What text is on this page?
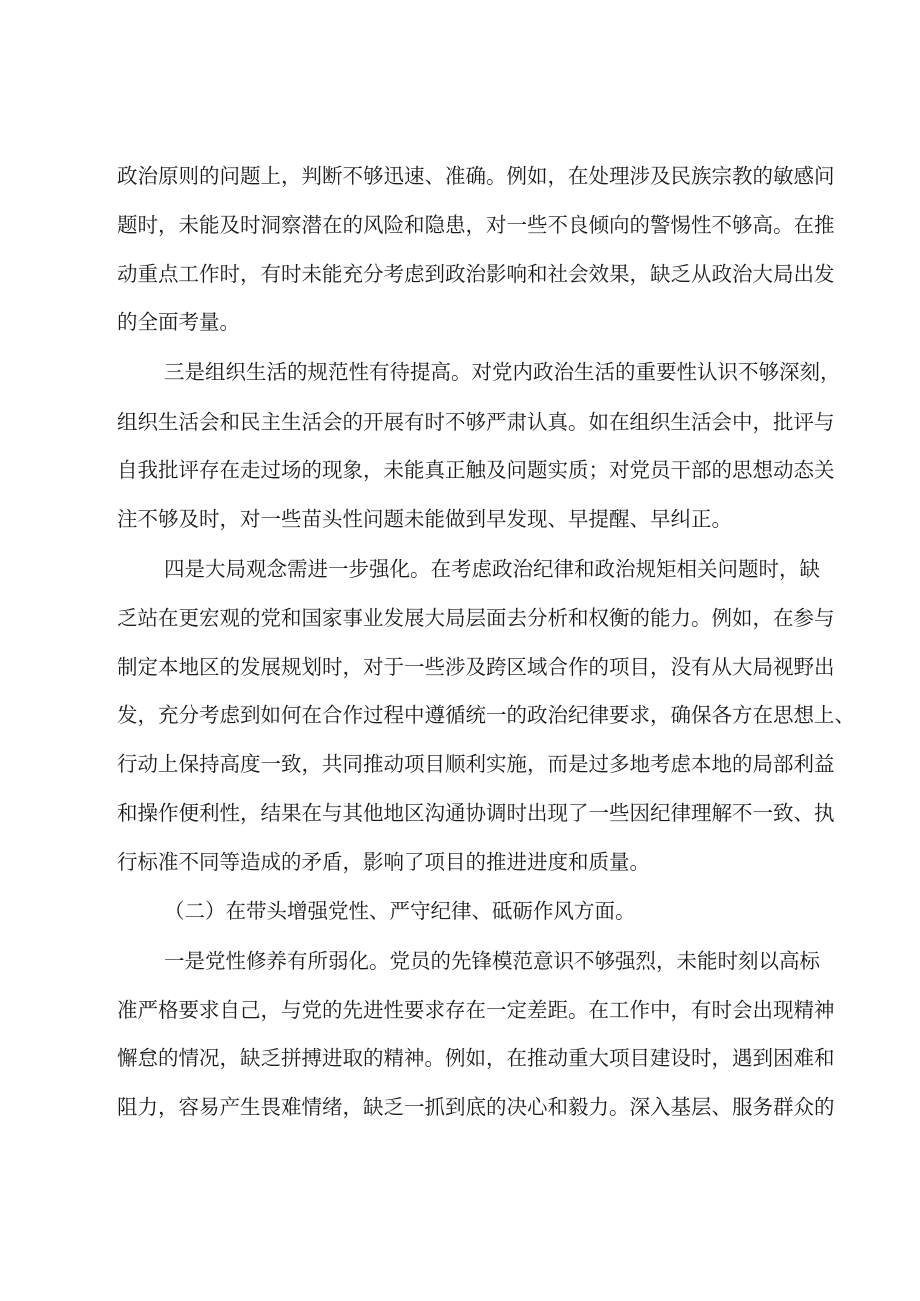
政治原则的问题上，判断不够迅速、准确。例如，在处理涉及民族宗教的敏感问
题时，未能及时洞察潜在的风险和隐患，对一些不良倾向的警惕性不够高。在推
动重点工作时，有时未能充分考虑到政治影响和社会效果，缺乏从政治大局出发
的全面考量。
三是组织生活的规范性有待提高。对党内政治生活的重要性认识不够深刻，
组织生活会和民主生活会的开展有时不够严肃认真。如在组织生活会中，批评与
自我批评存在走过场的现象，未能真正触及问题实质；对党员干部的思想动态关
注不够及时，对一些苗头性问题未能做到早发现、早提醒、早纠正。
四是大局观念需进一步强化。在考虑政治纪律和政治规矩相关问题时，缺
乏站在更宏观的党和国家事业发展大局层面去分析和权衡的能力。例如，在参与
制定本地区的发展规划时，对于一些涉及跨区域合作的项目，没有从大局视野出
发，充分考虑到如何在合作过程中遵循统一的政治纪律要求，确保各方在思想上、
行动上保持高度一致，共同推动项目顺利实施，而是过多地考虑本地的局部利益
和操作便利性，结果在与其他地区沟通协调时出现了一些因纪律理解不一致、执
行标准不同等造成的矛盾，影响了项目的推进进度和质量。
（二）在带头增强党性、严守纪律、砥砺作风方面。
一是党性修养有所弱化。党员的先锋模范意识不够强烈，未能时刻以高标
准严格要求自己，与党的先进性要求存在一定差距。在工作中，有时会出现精神
懈怠的情况，缺乏拼搏进取的精神。例如，在推动重大项目建设时，遇到困难和
阻力，容易产生畏难情绪，缺乏一抓到底的决心和毅力。深入基层、服务群众的
